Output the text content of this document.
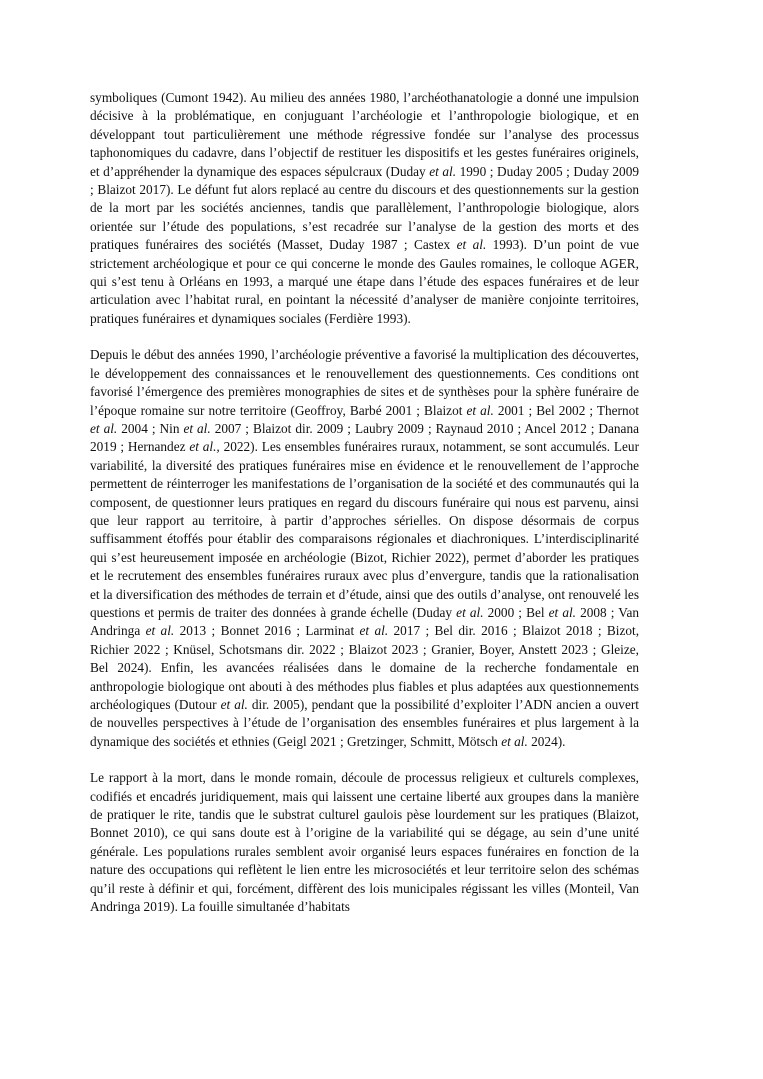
symboliques (Cumont 1942). Au milieu des années 1980, l’archéothanatologie a donné une impulsion décisive à la problématique, en conjuguant l’archéologie et l’anthropologie biologique, et en développant tout particulièrement une méthode régressive fondée sur l’analyse des processus taphonomiques du cadavre, dans l’objectif de restituer les dispositifs et les gestes funéraires originels, et d’appréhender la dynamique des espaces sépulcraux (Duday et al. 1990 ; Duday 2005 ; Duday 2009 ; Blaizot 2017). Le défunt fut alors replacé au centre du discours et des questionnements sur la gestion de la mort par les sociétés anciennes, tandis que parallèlement, l’anthropologie biologique, alors orientée sur l’étude des populations, s’est recadrée sur l’analyse de la gestion des morts et des pratiques funéraires des sociétés (Masset, Duday 1987 ; Castex et al. 1993). D’un point de vue strictement archéologique et pour ce qui concerne le monde des Gaules romaines, le colloque AGER, qui s’est tenu à Orléans en 1993, a marqué une étape dans l’étude des espaces funéraires et de leur articulation avec l’habitat rural, en pointant la nécessité d’analyser de manière conjointe territoires, pratiques funéraires et dynamiques sociales (Ferdière 1993).

Depuis le début des années 1990, l’archéologie préventive a favorisé la multiplication des découvertes, le développement des connaissances et le renouvellement des questionnements. Ces conditions ont favorisé l’émergence des premières monographies de sites et de synthèses pour la sphère funéraire de l’époque romaine sur notre territoire (Geoffroy, Barbé 2001 ; Blaizot et al. 2001 ; Bel 2002 ; Thernot et al. 2004 ; Nin et al. 2007 ; Blaizot dir. 2009 ; Laubry 2009 ; Raynaud 2010 ; Ancel 2012 ; Danana 2019 ; Hernandez et al., 2022). Les ensembles funéraires ruraux, notamment, se sont accumulés. Leur variabilité, la diversité des pratiques funéraires mise en évidence et le renouvellement de l’approche permettent de réinterroger les manifestations de l’organisation de la société et des communautés qui la composent, de questionner leurs pratiques en regard du discours funéraire qui nous est parvenu, ainsi que leur rapport au territoire, à partir d’approches sérielles. On dispose désormais de corpus suffisamment étoffés pour établir des comparaisons régionales et diachroniques. L’interdisciplinarité qui s’est heureusement imposée en archéologie (Bizot, Richier 2022), permet d’aborder les pratiques et le recrutement des ensembles funéraires ruraux avec plus d’envergure, tandis que la rationalisation et la diversification des méthodes de terrain et d’étude, ainsi que des outils d’analyse, ont renouvelé les questions et permis de traiter des données à grande échelle (Duday et al. 2000 ; Bel et al. 2008 ; Van Andringa et al. 2013 ; Bonnet 2016 ; Larminat et al. 2017 ; Bel dir. 2016 ; Blaizot 2018 ; Bizot, Richier 2022 ; Knüsel, Schotsmans dir. 2022 ; Blaizot 2023 ; Granier, Boyer, Anstett 2023 ; Gleize, Bel 2024). Enfin, les avancées réalisées dans le domaine de la recherche fondamentale en anthropologie biologique ont abouti à des méthodes plus fiables et plus adaptées aux questionnements archéologiques (Dutour et al. dir. 2005), pendant que la possibilité d’exploiter l’ADN ancien a ouvert de nouvelles perspectives à l’étude de l’organisation des ensembles funéraires et plus largement à la dynamique des sociétés et ethnies (Geigl 2021 ; Gretzinger, Schmitt, Mötsch et al. 2024).

Le rapport à la mort, dans le monde romain, découle de processus religieux et culturels complexes, codifiés et encadrés juridiquement, mais qui laissent une certaine liberté aux groupes dans la manière de pratiquer le rite, tandis que le substrat culturel gaulois pèse lourdement sur les pratiques (Blaizot, Bonnet 2010), ce qui sans doute est à l’origine de la variabilité qui se dégage, au sein d’une unité générale. Les populations rurales semblent avoir organisé leurs espaces funéraires en fonction de la nature des occupations qui reflètent le lien entre les microsociétés et leur territoire selon des schémas qu’il reste à définir et qui, forcément, diffèrent des lois municipales régissant les villes (Monteil, Van Andringa 2019). La fouille simultanée d’habitats
